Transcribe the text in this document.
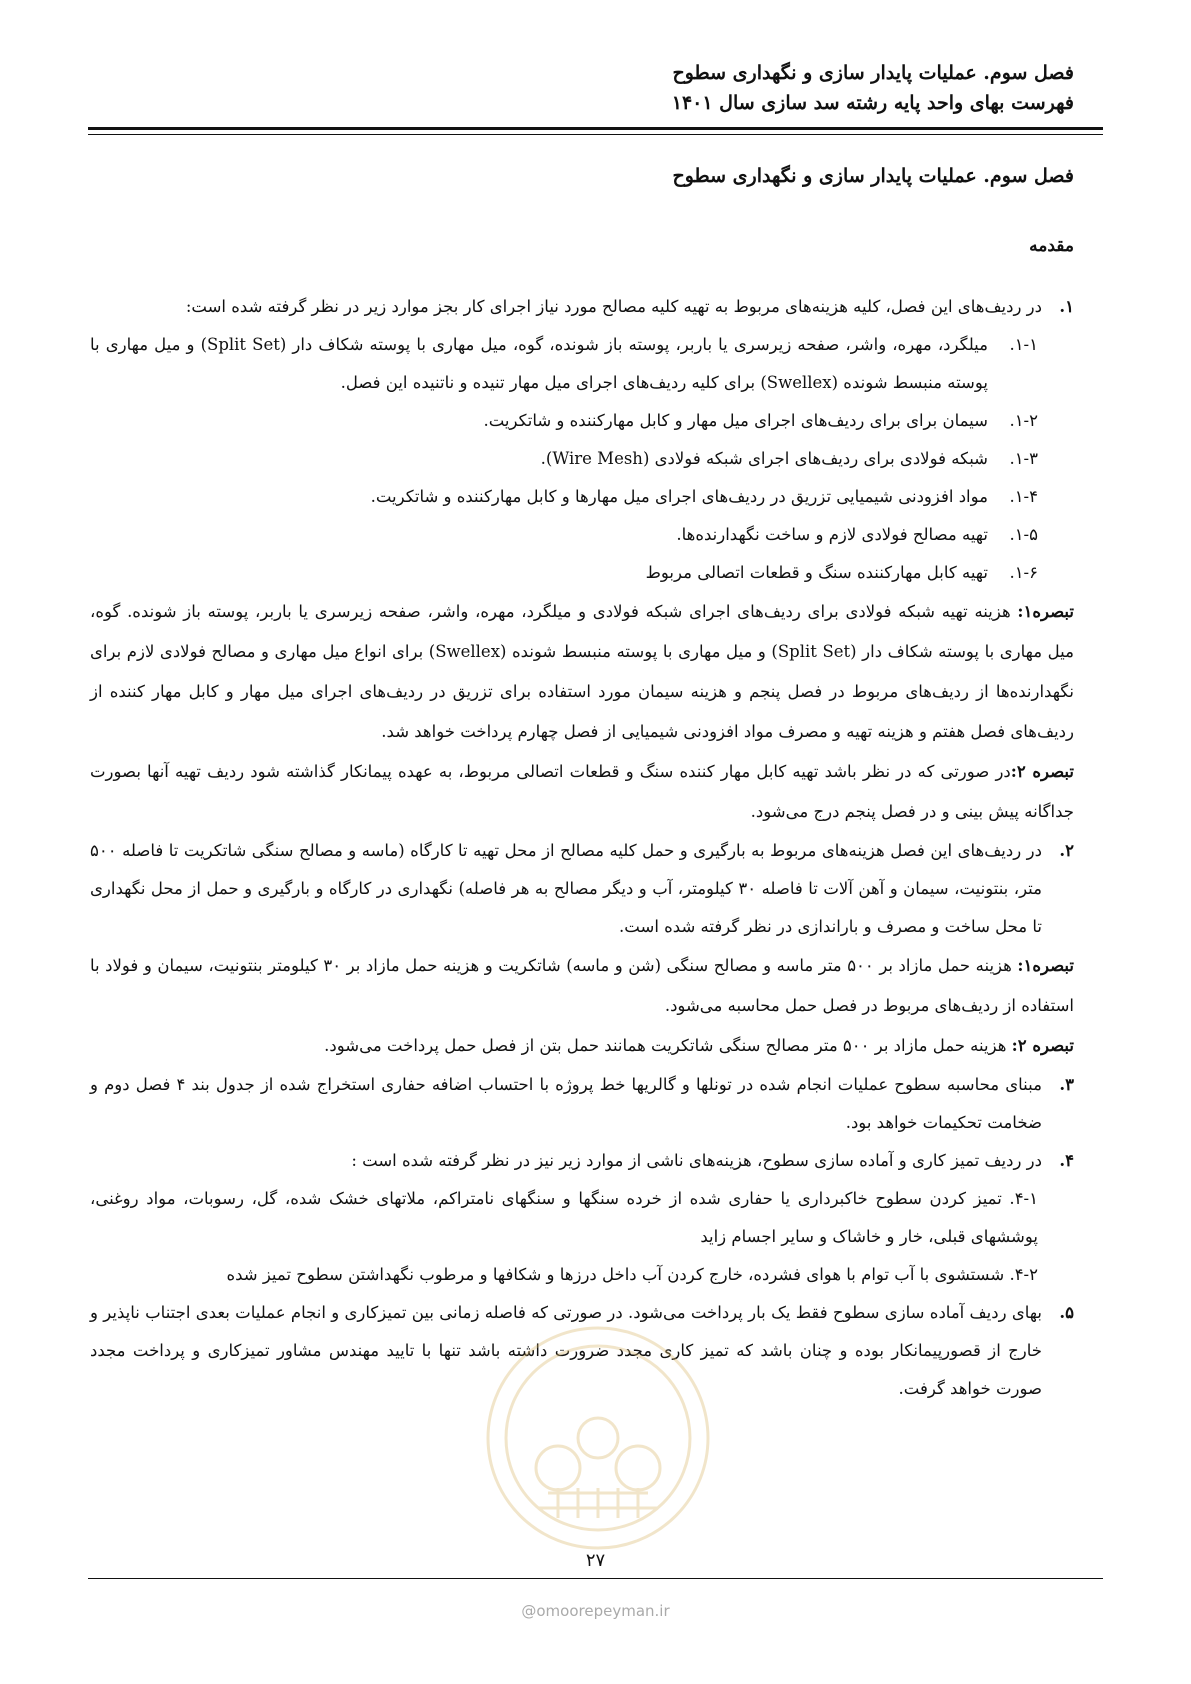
فصل سوم. عملیات پایدار سازی و نگهداری سطوح
فهرست بهای واحد پایه رشته سد سازی سال ۱۴۰۱
فصل سوم. عملیات پایدار سازی و نگهداری سطوح
مقدمه
۱.
در ردیف‌های این فصل، کلیه هزینه‌های مربوط به تهیه کلیه مصالح مورد نیاز اجرای کار بجز موارد زیر در نظر گرفته شده است:
۱-۱.
میلگرد، مهره، واشر، صفحه زیرسری یا باربر، پوسته باز شونده، گوه، میل مهاری با پوسته شکاف دار (Split Set) و میل مهاری با پوسته منبسط شونده (Swellex) برای کلیه ردیف‌های اجرای میل مهار تنیده و ناتنیده این فصل.
۱-۲.
سیمان برای برای ردیف‌های اجرای میل مهار و کابل مهارکننده و شاتکریت.
۱-۳.
شبکه فولادی برای ردیف‌های اجرای شبکه فولادی (Wire Mesh).
۱-۴.
مواد افزودنی شیمیایی تزریق در ردیف‌های اجرای میل مهارها و کابل مهارکننده و شاتکریت.
۱-۵.
تهیه مصالح فولادی لازم و ساخت نگهدارنده‌ها.
۱-۶.
تهیه کابل مهارکننده سنگ و قطعات اتصالی مربوط
تبصره۱: هزینه تهیه شبکه فولادی برای ردیف‌های اجرای شبکه فولادی و میلگرد، مهره، واشر، صفحه زیرسری یا باربر، پوسته باز شونده. گوه، میل مهاری با پوسته شکاف دار (Split Set) و میل مهاری با پوسته منبسط شونده (Swellex) برای انواع میل مهاری و مصالح فولادی لازم برای نگهدارنده‌ها از ردیف‌های مربوط در فصل پنجم و هزینه سیمان مورد استفاده برای تزریق در ردیف‌های اجرای میل مهار و کابل مهار کننده از ردیف‌های فصل هفتم و هزینه تهیه و مصرف مواد افزودنی شیمیایی از فصل چهارم پرداخت خواهد شد.
تبصره ۲:در صورتی که در نظر باشد تهیه کابل مهار کننده سنگ و قطعات اتصالی مربوط، به عهده پیمانکار گذاشته شود ردیف تهیه آنها بصورت جداگانه پیش بینی و در فصل پنجم درج می‌شود.
۲.
در ردیف‌های این فصل هزینه‌های مربوط به بارگیری و حمل کلیه مصالح از محل تهیه تا کارگاه (ماسه و مصالح سنگی شاتکریت تا فاصله ۵۰۰ متر، بنتونیت، سیمان و آهن آلات تا فاصله ۳۰ کیلومتر، آب و دیگر مصالح به هر فاصله) نگهداری در کارگاه و بارگیری و حمل از محل نگهداری تا محل ساخت و مصرف و باراندازی در نظر گرفته شده است.
تبصره۱: هزینه حمل مازاد بر ۵۰۰ متر ماسه و مصالح سنگی (شن و ماسه) شاتکریت و هزینه حمل مازاد بر ۳۰ کیلومتر بنتونیت، سیمان و فولاد با استفاده از ردیف‌های مربوط در فصل حمل محاسبه می‌شود.
تبصره ۲: هزینه حمل مازاد بر ۵۰۰ متر مصالح سنگی شاتکریت همانند حمل بتن از فصل حمل پرداخت می‌شود.
۳.
مبنای محاسبه سطوح عملیات انجام شده در تونلها و گالریها خط پروژه با احتساب اضافه حفاری استخراج شده از جدول بند ۴ فصل دوم و ضخامت تحکیمات خواهد بود.
۴.
در ردیف تمیز کاری و آماده سازی سطوح، هزینه‌های ناشی از موارد زیر نیز در نظر گرفته شده است :
۴-۱. تمیز کردن سطوح خاکبرداری یا حفاری شده از خرده سنگها و سنگهای نامتراکم، ملاتهای خشک شده، گل، رسوبات، مواد روغنی، پوششهای قبلی، خار و خاشاک و سایر اجسام زاید
۴-۲. شستشوی با آب توام با هوای فشرده، خارج کردن آب داخل درزها و شکافها و مرطوب نگهداشتن سطوح تمیز شده
۵.
بهای ردیف آماده سازی سطوح فقط یک بار پرداخت می‌شود. در صورتی که فاصله زمانی بین تمیزکاری و انجام عملیات بعدی اجتناب ناپذیر و خارج از قصورپیمانکار بوده و چنان باشد که تمیز کاری مجدد ضرورت داشته باشد تنها با تایید مهندس مشاور تمیزکاری و پرداخت مجدد صورت خواهد گرفت.
۲۷
@omoorepeyman.ir
